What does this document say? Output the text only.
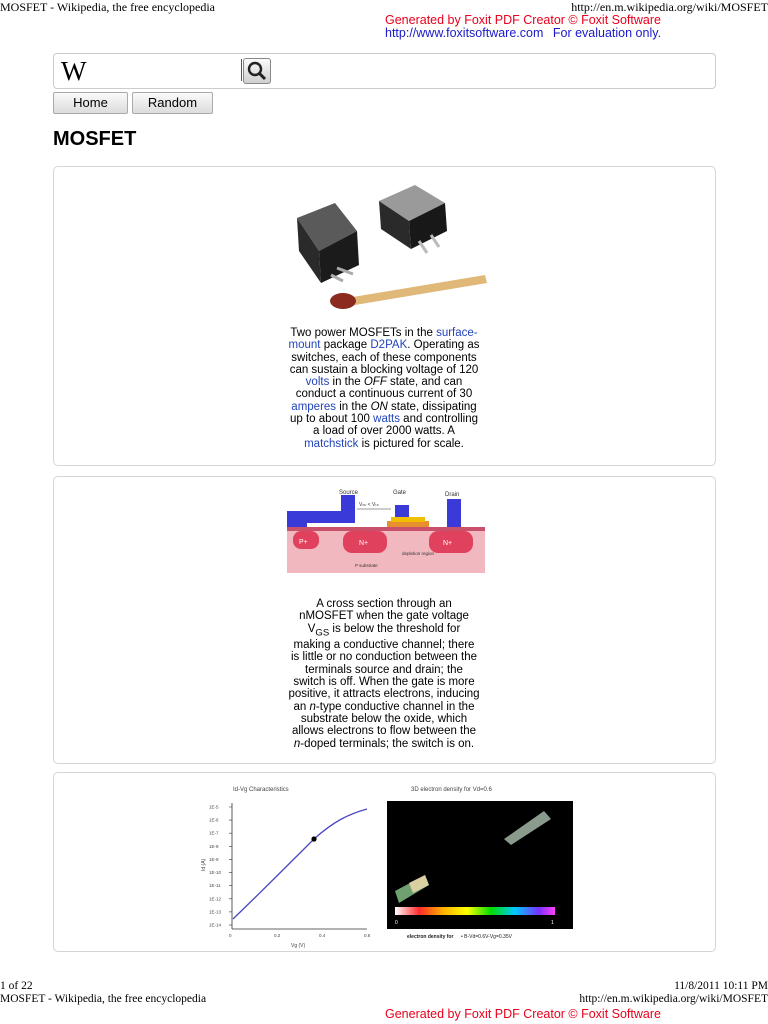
MOSFET - Wikipedia, the free encyclopedia	http://en.m.wikipedia.org/wiki/MOSFET
Generated by Foxit PDF Creator © Foxit Software
http://www.foxitsoftware.com For evaluation only.
W
Home	Random
MOSFET
Two power MOSFETs in the surface-mount package D2PAK. Operating as switches, each of these components can sustain a blocking voltage of 120 volts in the OFF state, and can conduct a continuous current of 30 amperes in the ON state, dissipating up to about 100 watts and controlling a load of over 2000 watts. A matchstick is pictured for scale.
P+	N+	N+
Source	Gate	Drain
Vₘₗ < Vₜₕ
depletion region
P substrate
A cross section through an nMOSFET when the gate voltage $V_{GS}$ is below the threshold for making a conductive channel; there is little or no conduction between the terminals source and drain; the switch is off. When the gate is more positive, it attracts electrons, inducing an n-type conductive channel in the substrate below the oxide, which allows electrons to flow between the n-doped terminals; the switch is on.
Id-Vg Characteristics
1E-5
1E-6
1E-7
1E-8
1E-9
1E-10
1E-11
1E-12
1E-13
1E-14
0	0.2	0.4	0.6
Id (A)
Vg (V)
3D electron density for Vd=0.6
0	1
electron density for • B-Vd=0.6V-Vg=0.35V
1 of 22	11/8/2011 10:11 PM
MOSFET - Wikipedia, the free encyclopedia	http://en.m.wikipedia.org/wiki/MOSFET
Generated by Foxit PDF Creator © Foxit Software
